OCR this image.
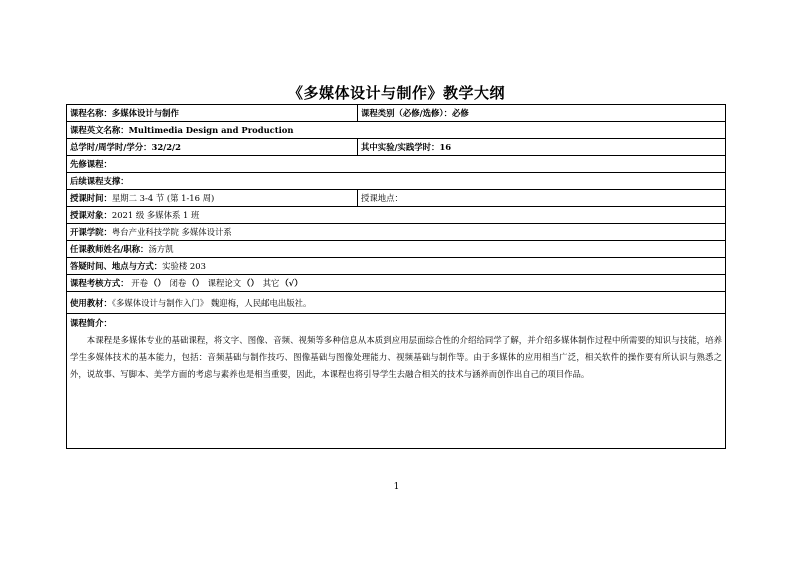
《多媒体设计与制作》教学大纲
课程名称：多媒体设计与制作	课程类别（必修/选修）：必修
课程英文名称：Multimedia Design and Production	
总学时/周学时/学分：32/2/2	其中实验/实践学时：16
先修课程：	
后续课程支撑：	
授课时间：星期二 3-4 节 (第 1-16 周)	授课地点：
授课对象：2021 级 多媒体系 1 班	
开课学院：粤台产业科技学院 多媒体设计系	
任课教师姓名/职称：汤方凯	
答疑时间、地点与方式：实验楼 203	
课程考核方式： 开卷（） 闭卷（） 课程论文（） 其它（√）	
使用教材：《多媒体设计与制作入门》 魏迎梅，人民邮电出版社。	

课程简介：
本课程是多媒体专业的基础课程，将文字、图像、音频、视频等多种信息从本质到应用层面综合性的介绍给同学了解，并介绍多媒体制作过程中所需要的知识与技能，培养学生多媒体技术的基本能力，包括：音频基础与制作技巧、图像基础与图像处理能力、视频基础与制作等。由于多媒体的应用相当广泛，相关软件的操作要有所认识与熟悉之外，说故事、写脚本、美学方面的考虑与素养也是相当重要，因此，本课程也将引导学生去融合相关的技术与涵养而创作出自己的项目作品。	
1
